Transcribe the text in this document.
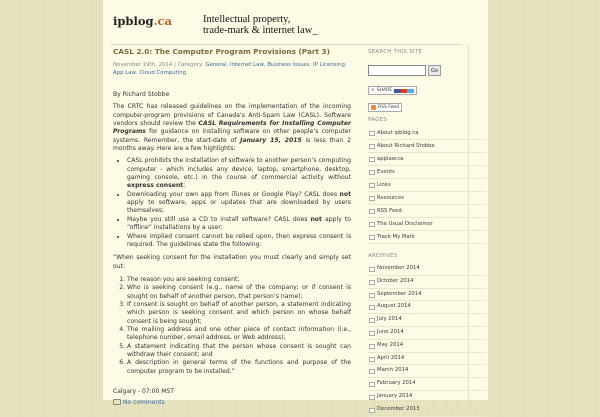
ipblog.ca	Intellectual property,
trade-mark & internet law_
CASL 2.0: The Computer Program Provisions (Part 3)
November 19th, 2014 | Category: General, Internet Law, Business Issues, IP Licensing, App Law, Cloud Computing
By Richard Stobbe
The CRTC has released guidelines on the implementation of the incoming computer-program provisions of Canada’s Anti-Spam Law (CASL). Software vendors should review the CASL Requirements for Installing Computer Programs for guidance on installing software on other people’s computer systems. Remember, the start-date of January 15, 2015 is less than 2 months away. Here are a few highlights:
• CASL prohibits the installation of software to another person’s computing computer - which includes any device, laptop, smartphone, desktop, gaming console, etc.) in the course of commercial activity without express consent;
• Downloading your own app from iTunes or Google Play? CASL does not apply to software, apps or updates that are downloaded by users themselves;
• Maybe you still use a CD to install software? CASL does not apply to “offline” installations by a user;
• Where implied consent cannot be relied upon, then express consent is required. The guidelines state the following:
“When seeking consent for the installation you must clearly and simply set out:
1. The reason you are seeking consent;
2. Who is seeking consent (e.g., name of the company; or if consent is sought on behalf of another person, that person’s name);
3. If consent is sought on behalf of another person, a statement indicating which person is seeking consent and which person on whose behalf consent is being sought;
4. The mailing address and one other piece of contact information (i.e., telephone number, email address, or Web address);
5. A statement indicating that the person whose consent is sought can withdraw their consent; and
6. A description in general terms of the functions and purpose of the computer program to be installed.”
Calgary - 07:00 MST
No comments
SEARCH THIS SITE
Go
+ SHARE

RSS Feed
PAGES
About ipblog.ca
About Richard Stobbe
applaw.ca
Events
Links
Resources
RSS Feed
The Usual Disclaimer
Track My Mark
ARCHIVES
November 2014
October 2014
September 2014
August 2014
July 2014
June 2014
May 2014
April 2014
March 2014
February 2014
January 2014
December 2013
